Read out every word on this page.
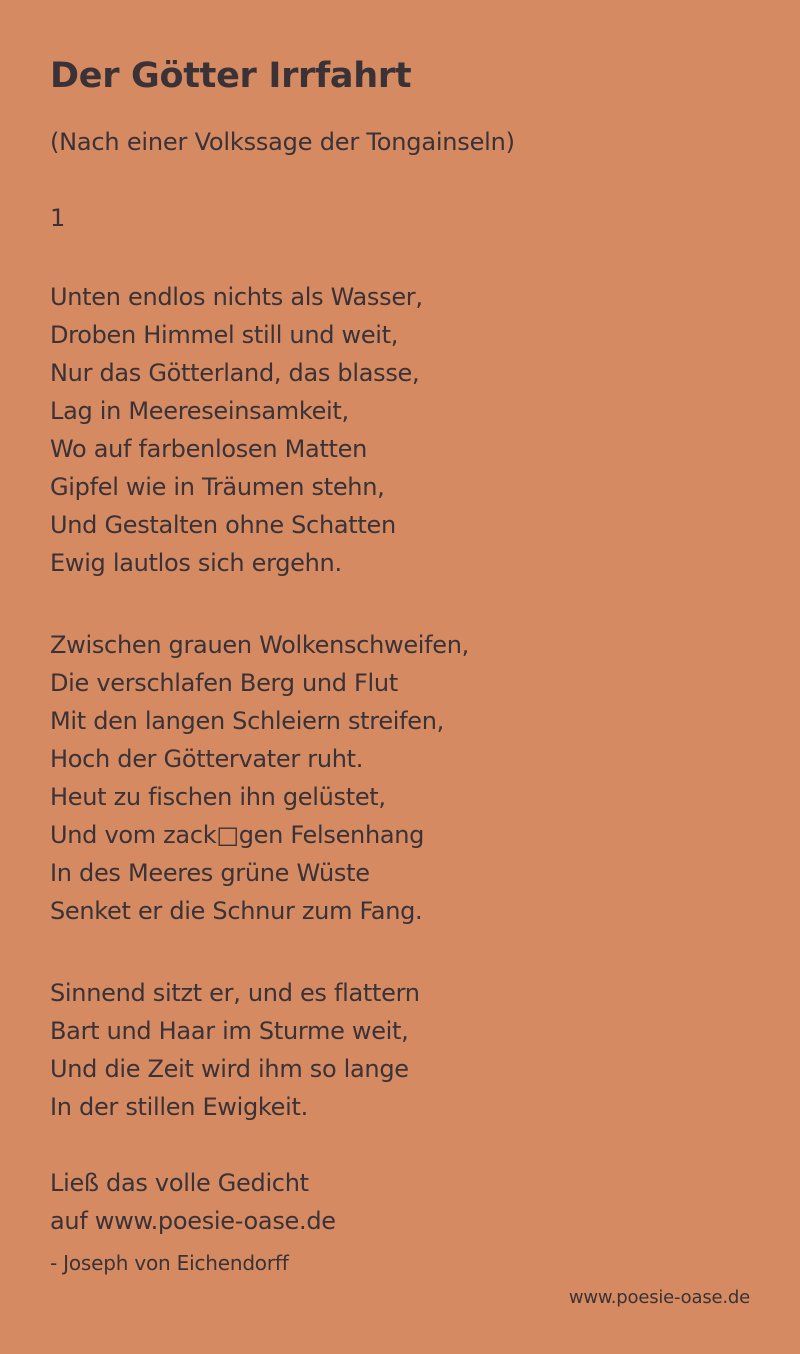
Der Götter Irrfahrt
(Nach einer Volkssage der Tongainseln)
1
Unten endlos nichts als Wasser,
Droben Himmel still und weit,
Nur das Götterland, das blasse,
Lag in Meereseinsamkeit,
Wo auf farbenlosen Matten
Gipfel wie in Träumen stehn,
Und Gestalten ohne Schatten
Ewig lautlos sich ergehn.
Zwischen grauen Wolkenschweifen,
Die verschlafen Berg und Flut
Mit den langen Schleiern streifen,
Hoch der Göttervater ruht.
Heut zu fischen ihn gelüstet,
Und vom zack□gen Felsenhang
In des Meeres grüne Wüste
Senket er die Schnur zum Fang.
Sinnend sitzt er, und es flattern
Bart und Haar im Sturme weit,
Und die Zeit wird ihm so lange
In der stillen Ewigkeit.
Ließ das volle Gedicht
auf www.poesie-oase.de
- Joseph von Eichendorff
www.poesie-oase.de
